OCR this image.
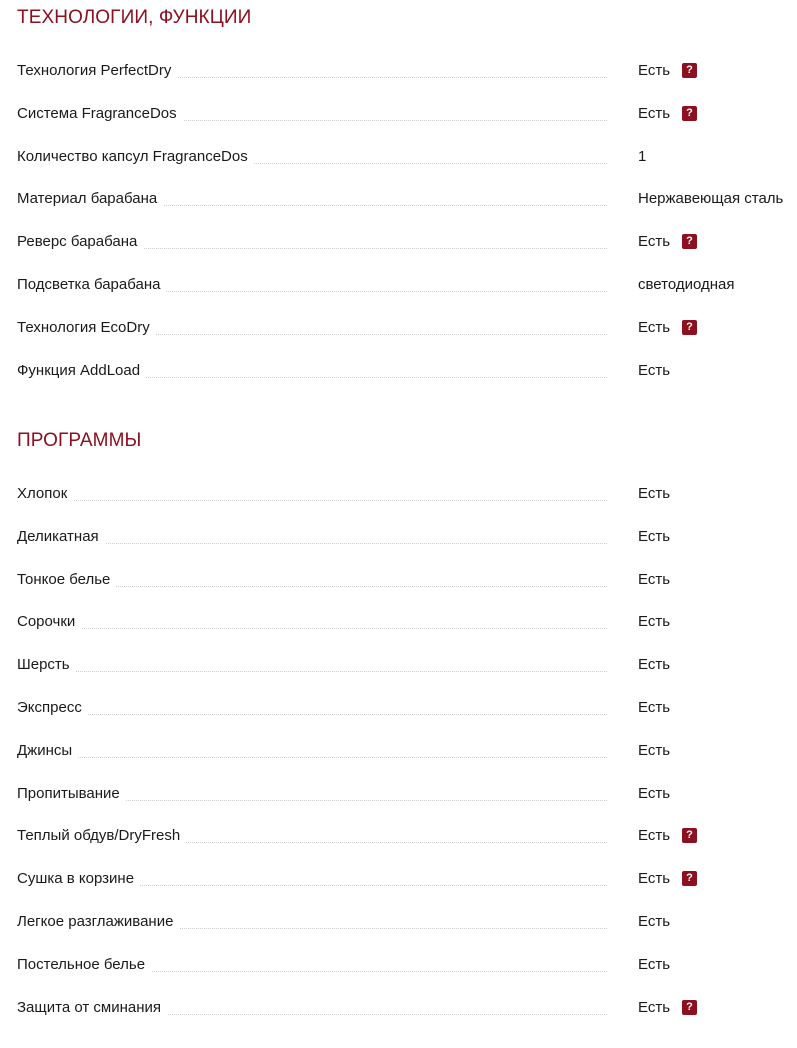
ТЕХНОЛОГИИ, ФУНКЦИИ
Технология PerfectDry	Есть	?
Система FragranceDos	Есть	?
Количество капсул FragranceDos	1
Материал барабана	Нержавеющая сталь
Реверс барабана	Есть	?
Подсветка барабана	светодиодная
Технология EcoDry	Есть	?
Функция AddLoad	Есть
ПРОГРАММЫ
Хлопок	Есть
Деликатная	Есть
Тонкое белье	Есть
Сорочки	Есть
Шерсть	Есть
Экспресс	Есть
Джинсы	Есть
Пропитывание	Есть
Теплый обдув/DryFresh	Есть	?
Сушка в корзине	Есть	?
Легкое разглаживание	Есть
Постельное белье	Есть
Защита от сминания	Есть	?
